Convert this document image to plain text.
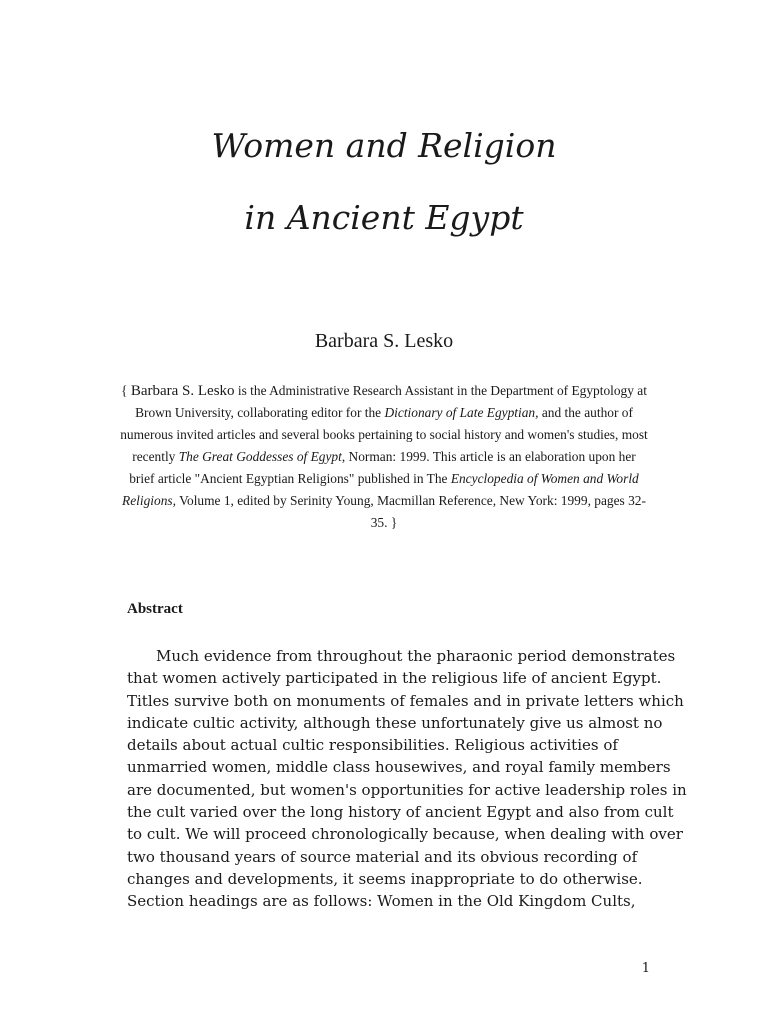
Women and Religion
in Ancient Egypt
Barbara S. Lesko
{ Barbara S. Lesko is the Administrative Research Assistant in the Department of Egyptology at Brown University, collaborating editor for the Dictionary of Late Egyptian, and the author of numerous invited articles and several books pertaining to social history and women's studies, most recently The Great Goddesses of Egypt, Norman: 1999. This article is an elaboration upon her brief article "Ancient Egyptian Religions" published in The Encyclopedia of Women and World Religions, Volume 1, edited by Serinity Young, Macmillan Reference, New York: 1999, pages 32-35. }
Abstract
Much evidence from throughout the pharaonic period demonstrates
that women actively participated in the religious life of ancient Egypt.
Titles survive both on monuments of females and in private letters which
indicate cultic activity, although these unfortunately give us almost no
details about actual cultic responsibilities. Religious activities of
unmarried women, middle class housewives, and royal family members
are documented, but women's opportunities for active leadership roles in
the cult varied over the long history of ancient Egypt and also from cult
to cult. We will proceed chronologically because, when dealing with over
two thousand years of source material and its obvious recording of
changes and developments, it seems inappropriate to do otherwise.
Section headings are as follows: Women in the Old Kingdom Cults,
1
